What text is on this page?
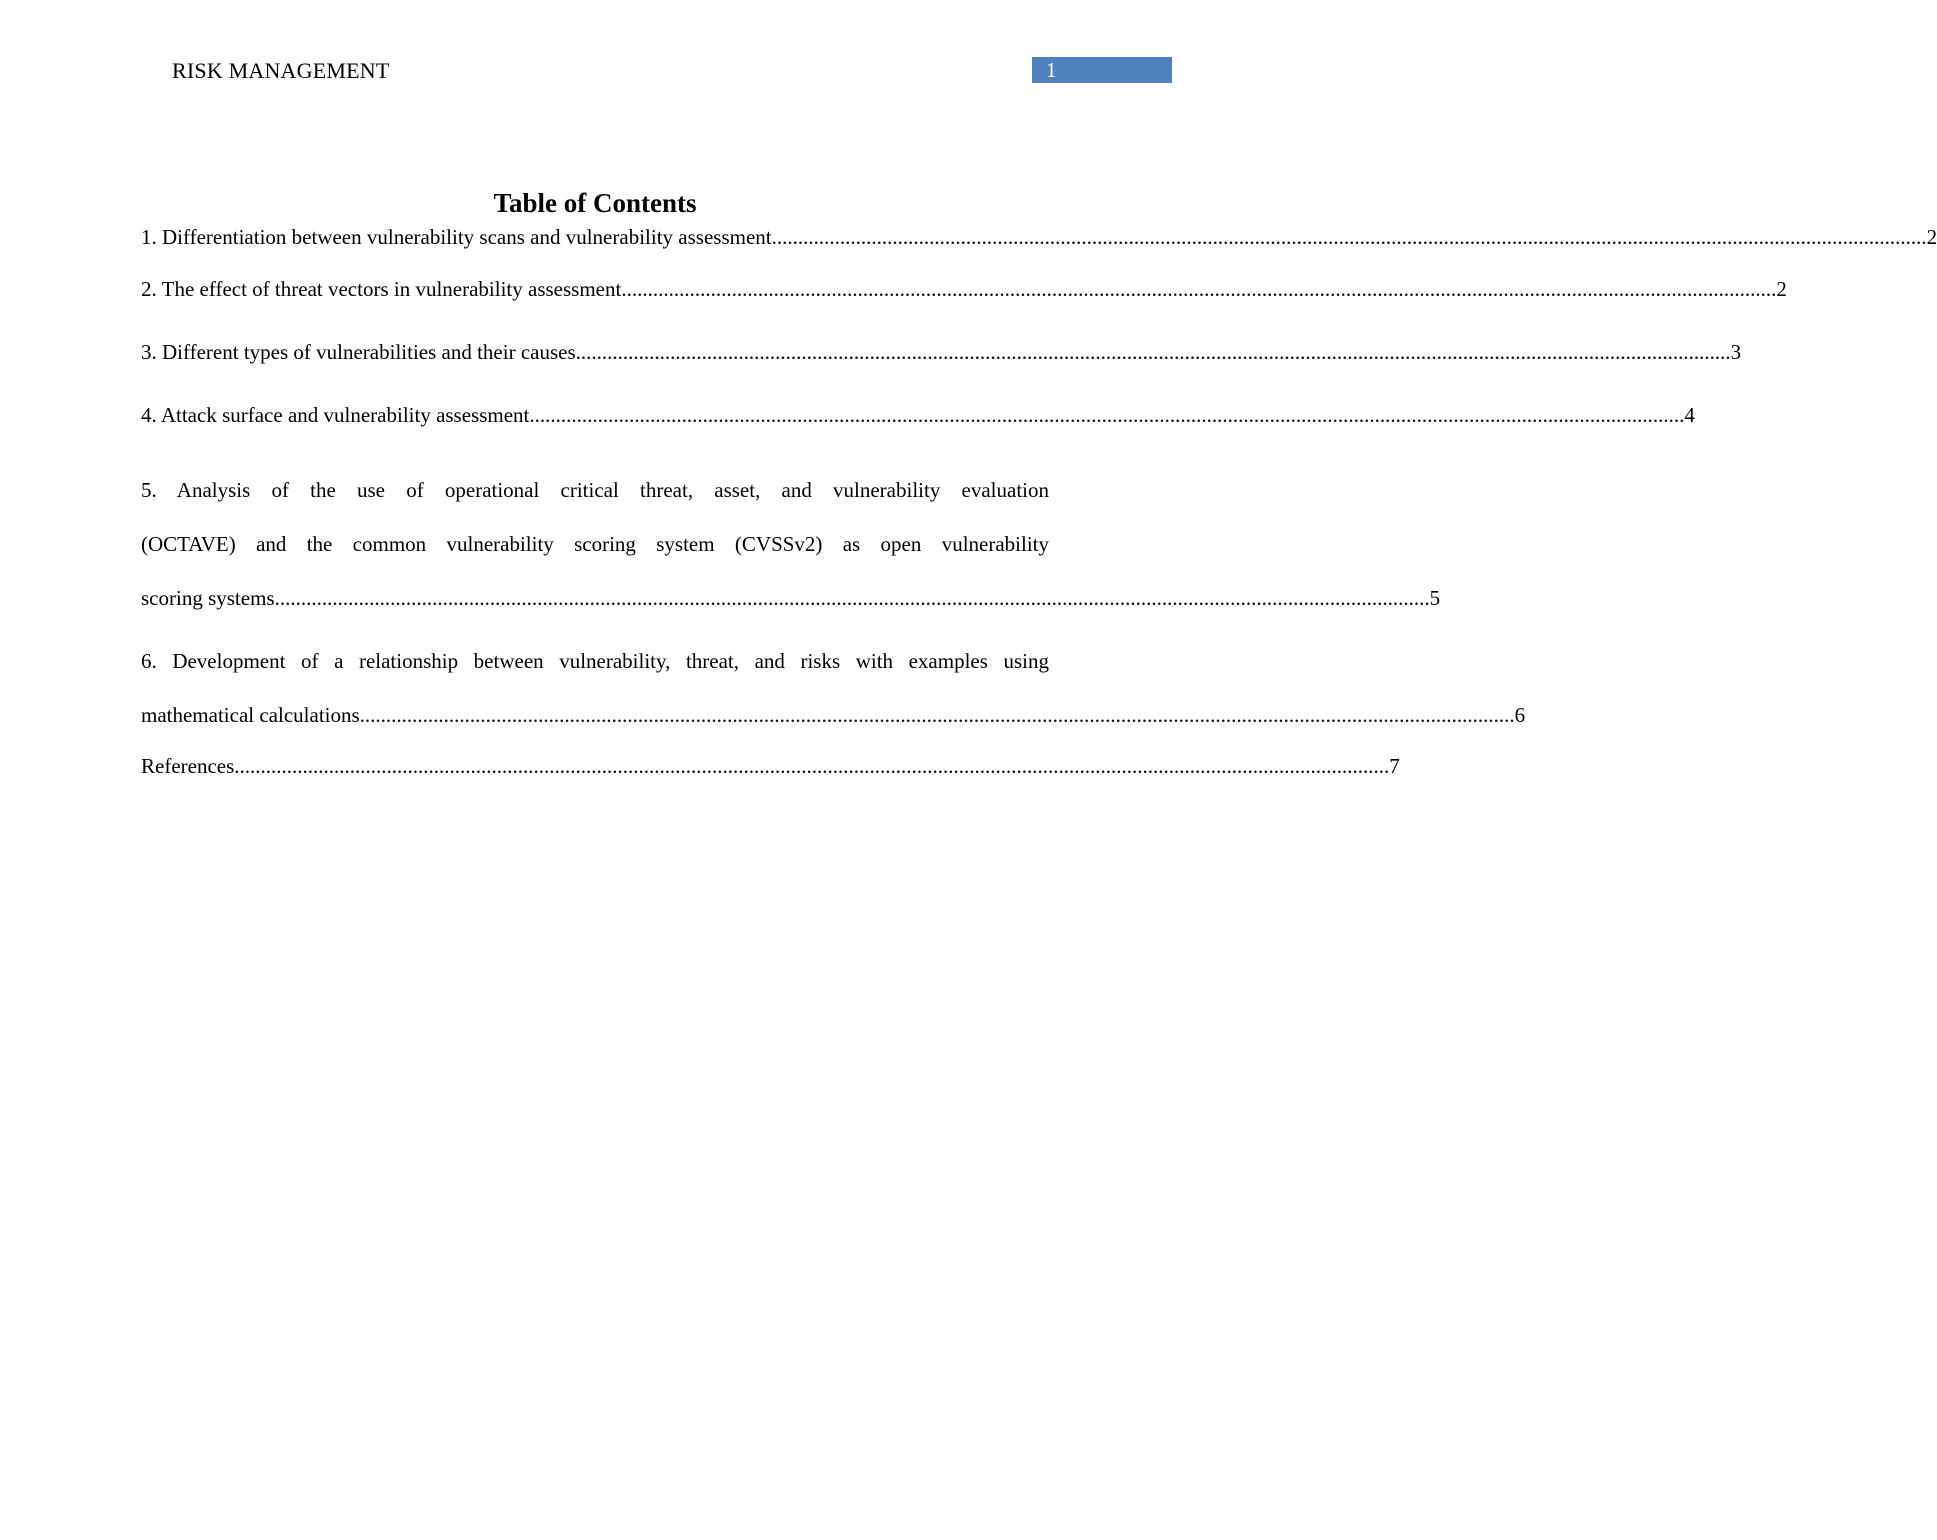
RISK MANAGEMENT	1
Table of Contents
1. Differentiation between vulnerability scans and vulnerability assessment ............................................................................................................................................................................................................................ 2
2. The effect of threat vectors in vulnerability assessment ............................................................................................................................................................................................................................ 2
3. Different types of vulnerabilities and their causes ............................................................................................................................................................................................................................ 3
4. Attack surface and vulnerability assessment ............................................................................................................................................................................................................................ 4
5. Analysis of the use of operational critical threat, asset, and vulnerability evaluation
(OCTAVE) and the common vulnerability scoring system (CVSSv2) as open vulnerability
scoring systems ............................................................................................................................................................................................................................ 5
6. Development of a relationship between vulnerability, threat, and risks with examples using
mathematical calculations ............................................................................................................................................................................................................................ 6
References ............................................................................................................................................................................................................................ 7
